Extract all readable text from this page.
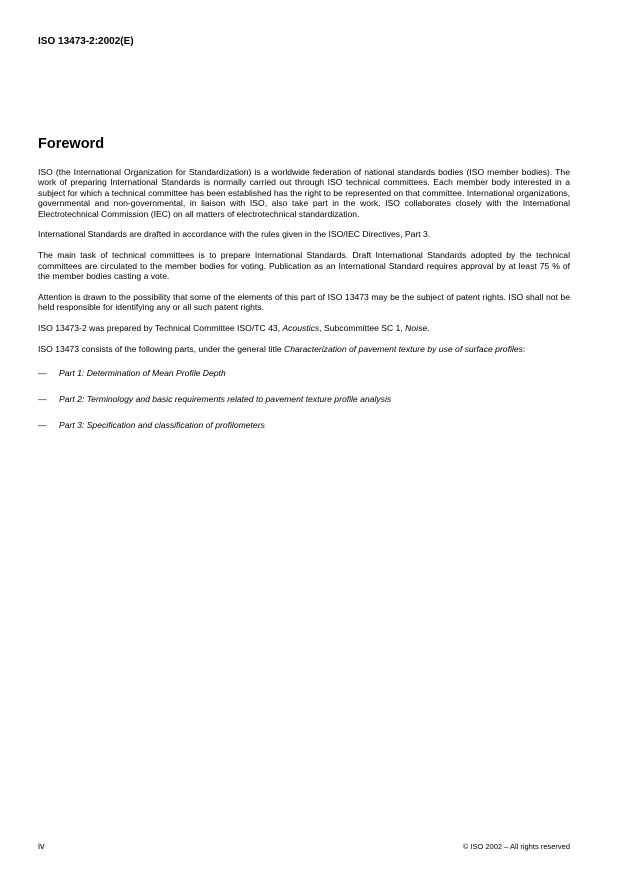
ISO 13473-2:2002(E)
Foreword

ISO (the International Organization for Standardization) is a worldwide federation of national standards bodies (ISO member bodies). The work of preparing International Standards is normally carried out through ISO technical committees. Each member body interested in a subject for which a technical committee has been established has the right to be represented on that committee. International organizations, governmental and non-governmental, in liaison with ISO, also take part in the work. ISO collaborates closely with the International Electrotechnical Commission (IEC) on all matters of electrotechnical standardization.

International Standards are drafted in accordance with the rules given in the ISO/IEC Directives, Part 3.

The main task of technical committees is to prepare International Standards. Draft International Standards adopted by the technical committees are circulated to the member bodies for voting. Publication as an International Standard requires approval by at least 75 % of the member bodies casting a vote.

Attention is drawn to the possibility that some of the elements of this part of ISO 13473 may be the subject of patent rights. ISO shall not be held responsible for identifying any or all such patent rights.

ISO 13473-2 was prepared by Technical Committee ISO/TC 43, Acoustics, Subcommittee SC 1, Noise.

ISO 13473 consists of the following parts, under the general title Characterization of pavement texture by use of surface profiles:

— Part 1: Determination of Mean Profile Depth
— Part 2: Terminology and basic requirements related to pavement texture profile analysis
— Part 3: Specification and classification of profilometers
iv	© ISO 2002 – All rights reserved
